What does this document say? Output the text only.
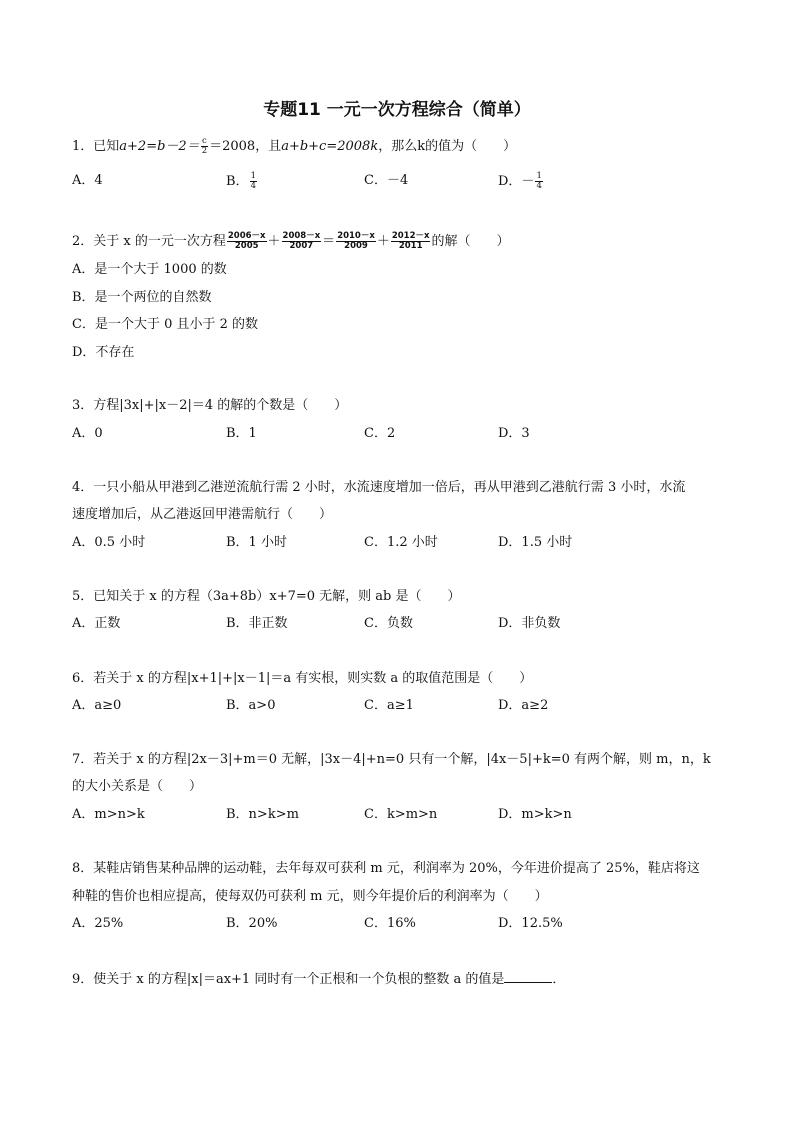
专题11 一元一次方程综合（简单）
1．已知$a+2=b-2= \frac{c}{2} =2008$，且a+b+c=2008k，那么k的值为（　　）
A．4	B． $\frac{1}{4}$	C．－4	D．－ $\frac{1}{4}$
2．关于 x 的一元一次方程 $\frac{2006-x}{2005} + \frac{2008-x}{2007} = \frac{2010-x}{2009} + \frac{2012-x}{2011}$ 的解（　　）
A．是一个大于 1000 的数
B．是一个两位的自然数
C．是一个大于 0 且小于 2 的数
D．不存在
3．方程|3x|+|x－2|＝4 的解的个数是（　　）
A．0	B．1	C．2	D．3
4．一只小船从甲港到乙港逆流航行需 2 小时，水流速度增加一倍后，再从甲港到乙港航行需 3 小时，水流
速度增加后，从乙港返回甲港需航行（　　）
A．0.5 小时	B．1 小时	C．1.2 小时	D．1.5 小时
5．已知关于 x 的方程（3a+8b）x+7=0 无解，则 ab 是（　　）
A．正数	B．非正数	C．负数	D．非负数
6．若关于 x 的方程|x+1|+|x－1|＝a 有实根，则实数 a 的取值范围是（　　）
A．a≥0	B．a>0	C．a≥1	D．a≥2
7．若关于 x 的方程|2x－3|+m＝0 无解，|3x－4|+n=0 只有一个解，|4x－5|+k=0 有两个解，则 m，n，k
的大小关系是（　　）
A．m>n>k	B．n>k>m	C．k>m>n	D．m>k>n
8．某鞋店销售某种品牌的运动鞋，去年每双可获利 m 元，利润率为 20%，今年进价提高了 25%，鞋店将这
种鞋的售价也相应提高，使每双仍可获利 m 元，则今年提价后的利润率为（　　）
A．25%	B．20%	C．16%	D．12.5%
9．使关于 x 的方程|x|＝ax+1 同时有一个正根和一个负根的整数 a 的值是	．
